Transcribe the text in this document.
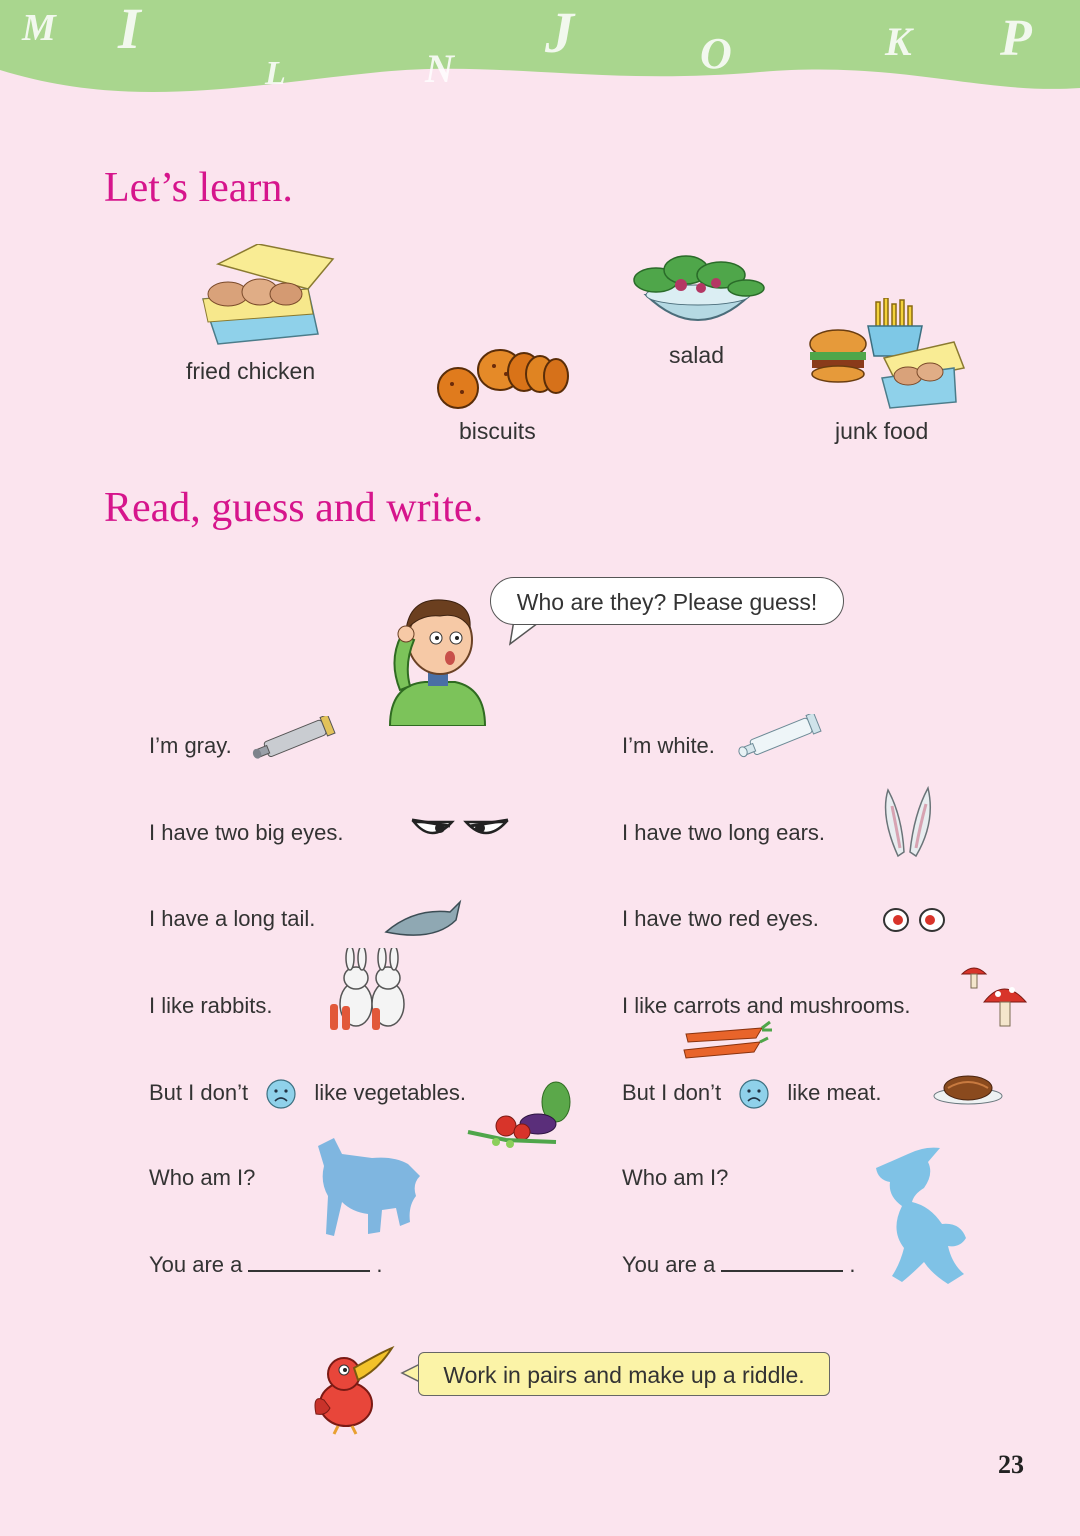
M I
L	N
J	O	K P
Let’s learn.
fried chicken
biscuits
salad
junk food
Read, guess and write.
Who are they? Please guess!
I’m gray.
I have two big eyes.
I have a long tail.
I like rabbits.
But I don’t	like vegetables.
Who am I?
You are a	.
I’m white.
I have two long ears.
I have two red eyes.
I like carrots and mushrooms.
But I don’t	like meat.
Who am I?
You are a	.
Work in pairs and make up a riddle.
23
